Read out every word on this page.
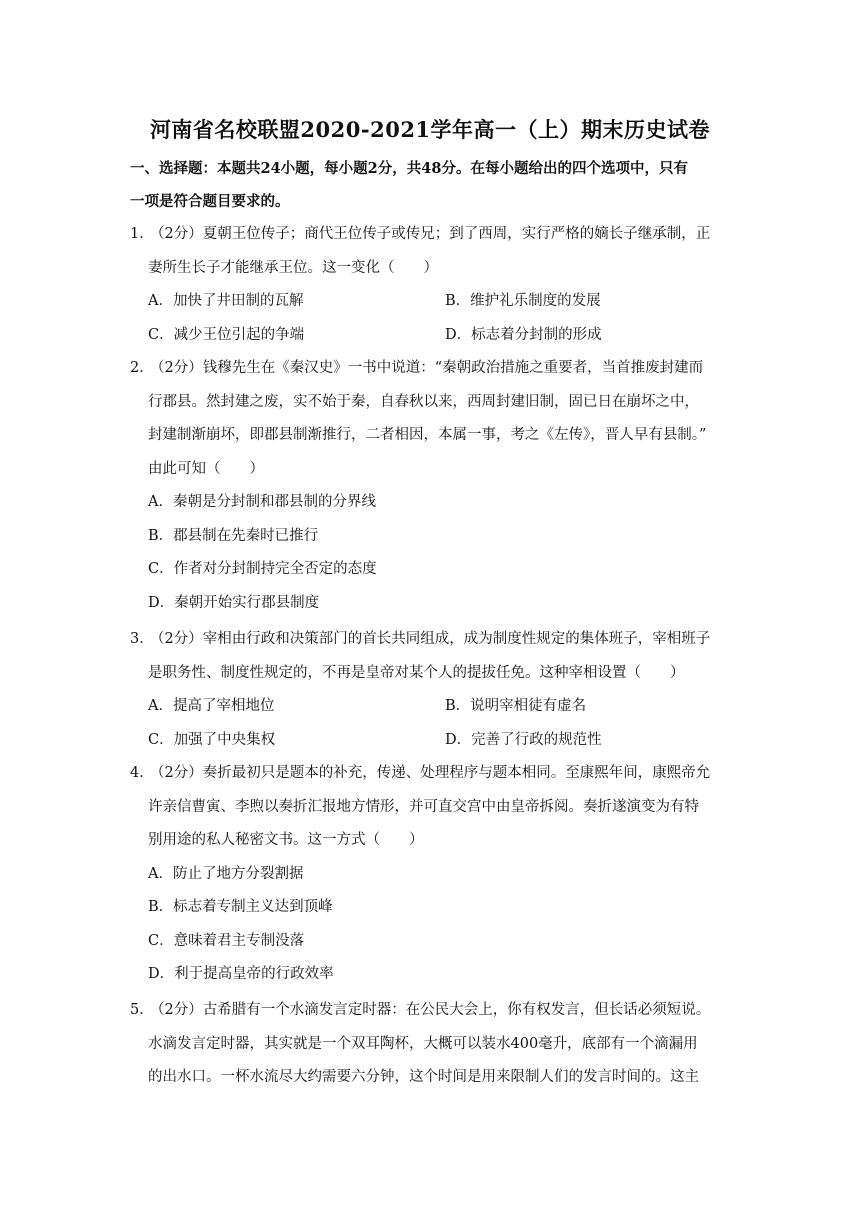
河南省名校联盟2020-2021学年高一（上）期末历史试卷
一、选择题：本题共24小题，每小题2分，共48分。在每小题给出的四个选项中，只有
一项是符合题目要求的。
1．（2分）夏朝王位传子；商代王位传子或传兄；到了西周，实行严格的嫡长子继承制，正
妻所生长子才能继承王位。这一变化（　　）
A．加快了井田制的瓦解	B．维护礼乐制度的发展
C．减少王位引起的争端	D．标志着分封制的形成
2．（2分）钱穆先生在《秦汉史》一书中说道：“秦朝政治措施之重要者，当首推废封建而
行郡县。然封建之废，实不始于秦，自春秋以来，西周封建旧制，固已日在崩坏之中，
封建制渐崩坏，即郡县制渐推行，二者相因，本属一事，考之《左传》，晋人早有县制。”
由此可知（　　）
A．秦朝是分封制和郡县制的分界线
B．郡县制在先秦时已推行
C．作者对分封制持完全否定的态度
D．秦朝开始实行郡县制度
3．（2分）宰相由行政和决策部门的首长共同组成，成为制度性规定的集体班子，宰相班子
是职务性、制度性规定的，不再是皇帝对某个人的提拔任免。这种宰相设置（　　）
A．提高了宰相地位	B．说明宰相徒有虚名
C．加强了中央集权	D．完善了行政的规范性
4．（2分）奏折最初只是题本的补充，传递、处理程序与题本相同。至康熙年间，康熙帝允
许亲信曹寅、李煦以奏折汇报地方情形，并可直交宫中由皇帝拆阅。奏折遂演变为有特
别用途的私人秘密文书。这一方式（　　）
A．防止了地方分裂割据
B．标志着专制主义达到顶峰
C．意味着君主专制没落
D．利于提高皇帝的行政效率
5．（2分）古希腊有一个水滴发言定时器：在公民大会上，你有权发言，但长话必须短说。
水滴发言定时器，其实就是一个双耳陶杯，大概可以装水400毫升，底部有一个滴漏用
的出水口。一杯水流尽大约需要六分钟，这个时间是用来限制人们的发言时间的。这主
